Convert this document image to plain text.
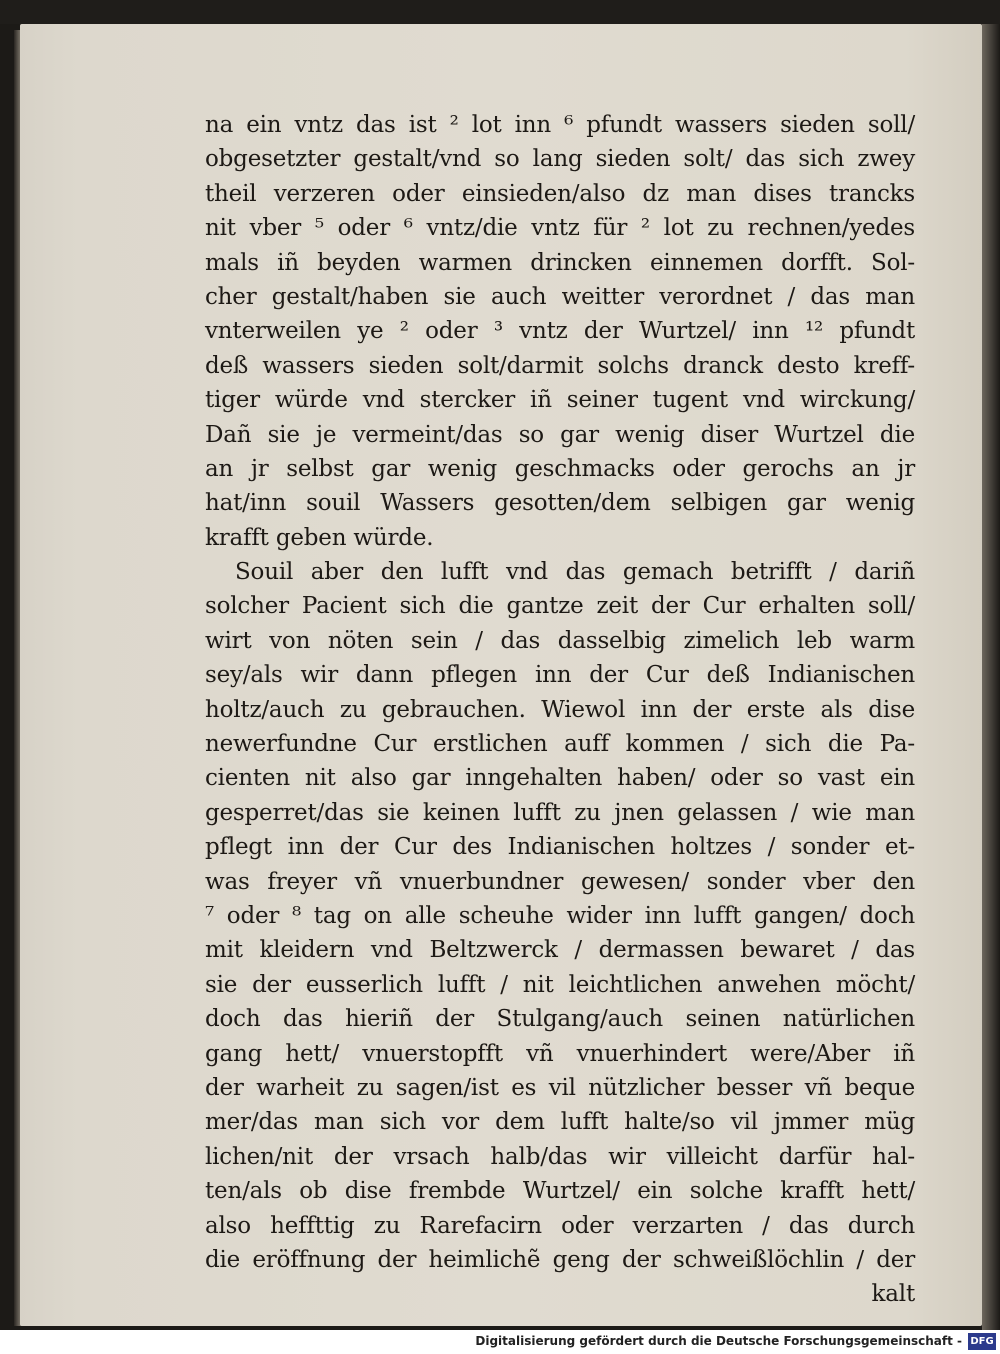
na ein vntz das ist ² lot inn ⁶ pfundt wassers sieden soll/
obgesetzter gestalt/vnd so lang sieden solt/ das sich zwey
theil verzeren oder einsieden/also dz man dises trancks
nit vber ⁵ oder ⁶ vntz/die vntz für ² lot zu rechnen/yedes
mals iñ beyden warmen drincken einnemen dorfft. Sol-
cher gestalt/haben sie auch weitter verordnet / das man
vnterweilen ye ² oder ³ vntz der Wurtzel/ inn ¹² pfundt
deß wassers sieden solt/darmit solchs dranck desto kreff-
tiger würde vnd stercker iñ seiner tugent vnd wirckung/
Dañ sie je vermeint/das so gar wenig diser Wurtzel die
an jr selbst gar wenig geschmacks oder gerochs an jr
hat/inn souil Wassers gesotten/dem selbigen gar wenig
krafft geben würde.
Souil aber den lufft vnd das gemach betrifft / dariñ
solcher Pacient sich die gantze zeit der Cur erhalten soll/
wirt von nöten sein / das dasselbig zimelich leb warm
sey/als wir dann pflegen inn der Cur deß Indianischen
holtz/auch zu gebrauchen. Wiewol inn der erste als dise
newerfundne Cur erstlichen auff kommen / sich die Pa-
cienten nit also gar inngehalten haben/ oder so vast ein
gesperret/das sie keinen lufft zu jnen gelassen / wie man
pflegt inn der Cur des Indianischen holtzes / sonder et-
was freyer vñ vnuerbundner gewesen/ sonder vber den
⁷ oder ⁸ tag on alle scheuhe wider inn lufft gangen/ doch
mit kleidern vnd Beltzwerck / dermassen bewaret / das
sie der eusserlich lufft / nit leichtlichen anwehen möcht/
doch das hieriñ der Stulgang/auch seinen natürlichen
gang hett/ vnuerstopfft vñ vnuerhindert were/Aber iñ
der warheit zu sagen/ist es vil nützlicher besser vñ beque
mer/das man sich vor dem lufft halte/so vil jmmer müg
lichen/nit der vrsach halb/das wir villeicht darfür hal-
ten/als ob dise frembde Wurtzel/ ein solche krafft hett/
also heffttig zu Rarefacirn oder verzarten / das durch
die eröffnung der heimlichẽ geng der schweißlöchlin / der
kalt
Digitalisierung gefördert durch die Deutsche Forschungsgemeinschaft - DFG
